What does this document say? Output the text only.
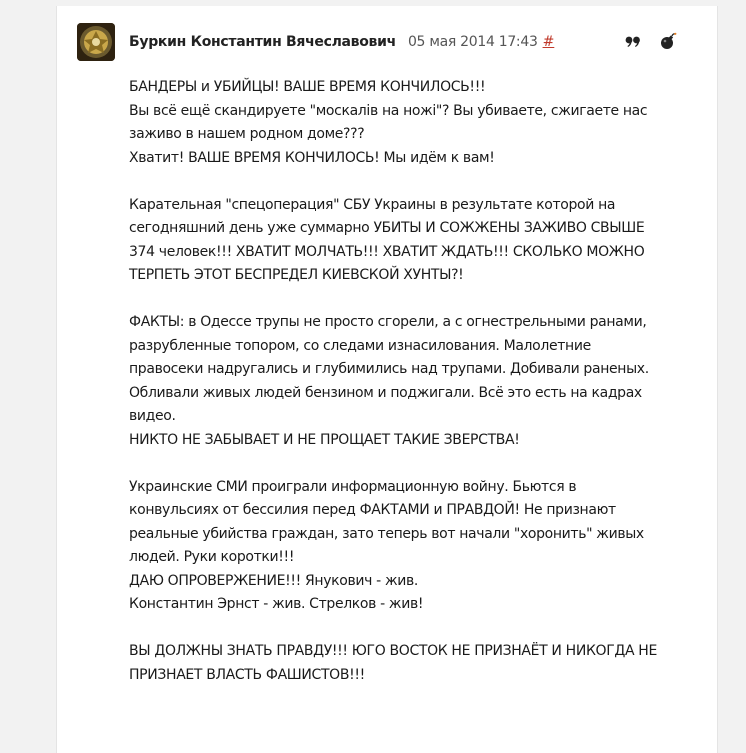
Буркин Константин Вячеславович 05 мая 2014 17:43 #
БАНДЕРЫ и УБИЙЦЫ! ВАШЕ ВРЕМЯ КОНЧИЛОСЬ!!!
Вы всё ещё скандируете "москалів на ножі"? Вы убиваете, сжигаете нас
заживо в нашем родном доме???
Хватит! ВАШЕ ВРЕМЯ КОНЧИЛОСЬ! Мы идём к вам!
Карательная "спецоперация" СБУ Украины в результате которой на
сегодняшний день уже суммарно УБИТЫ И СОЖЖЕНЫ ЗАЖИВО СВЫШЕ
374 человек!!! ХВАТИТ МОЛЧАТЬ!!! ХВАТИТ ЖДАТЬ!!! СКОЛЬКО МОЖНО
ТЕРПЕТЬ ЭТОТ БЕСПРЕДЕЛ КИЕВСКОЙ ХУНТЫ?!
ФАКТЫ: в Одессе трупы не просто сгорели, а с огнестрельными ранами,
разрубленные топором, со следами изнасилования. Малолетние
правосеки надругались и глубимились над трупами. Добивали раненых.
Обливали живых людей бензином и поджигали. Всё это есть на кадрах
видео.
НИКТО НЕ ЗАБЫВАЕТ И НЕ ПРОЩАЕТ ТАКИЕ ЗВЕРСТВА!
Украинские СМИ проиграли информационную войну. Бьются в
конвульсиях от бессилия перед ФАКТАМИ и ПРАВДОЙ! Не признают
реальные убийства граждан, зато теперь вот начали "хоронить" живых
людей. Руки коротки!!!
ДАЮ ОПРОВЕРЖЕНИЕ!!! Янукович - жив.
Константин Эрнст - жив. Стрелков - жив!
ВЫ ДОЛЖНЫ ЗНАТЬ ПРАВДУ!!! ЮГО ВОСТОК НЕ ПРИЗНАЁТ И НИКОГДА НЕ
ПРИЗНАЕТ ВЛАСТЬ ФАШИСТОВ!!!
